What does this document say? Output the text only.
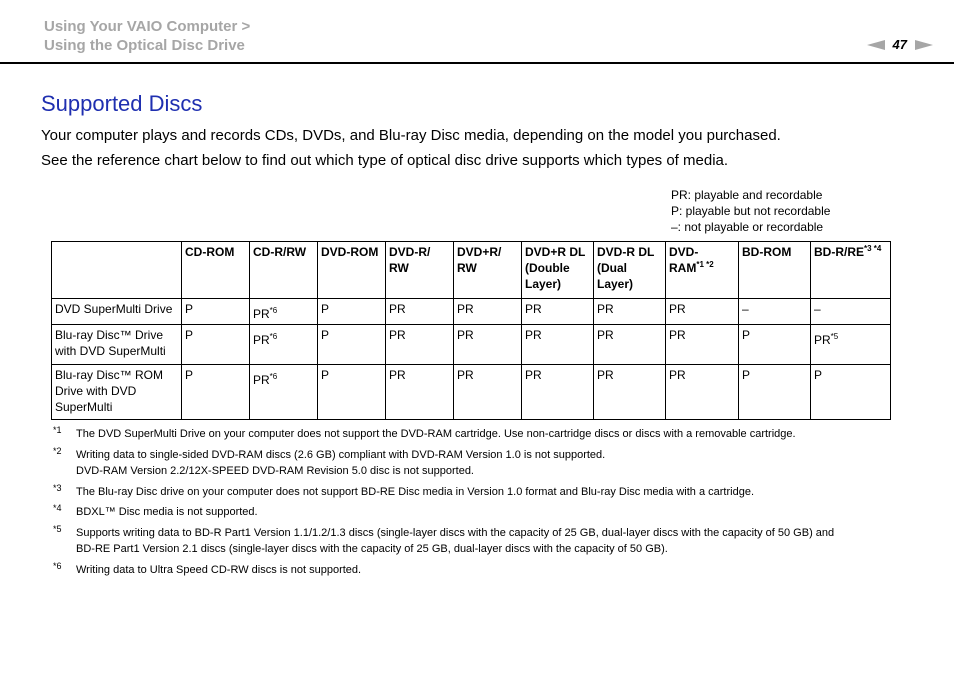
Using Your VAIO Computer >
Using the Optical Disc Drive	47
Supported Discs

Your computer plays and records CDs, DVDs, and Blu-ray Disc media, depending on the model you purchased.

See the reference chart below to find out which type of optical disc drive supports which types of media.

PR: playable and recordable
P: playable but not recordable
–: not playable or recordable
	CD-ROM	CD-R/RW	DVD-ROM	DVD-R/ RW	DVD+R/ RW	DVD+R DL (Double Layer)	DVD-R DL (Dual Layer)	DVD- $RAM^{*1 *2}$	BD-ROM	$BD-R/RE^{*3 *4}$
DVD SuperMulti Drive	P	PR$^{*6}$	P	PR	PR	PR	PR	PR	–	–
Blu-ray Disc™ Drive with DVD SuperMulti	P	PR$^{*6}$	P	PR	PR	PR	PR	PR	P	PR$^{*5}$
Blu-ray Disc™ ROM Drive with DVD SuperMulti	P	PR$^{*6}$	P	PR	PR	PR	PR	PR	P	P
*1	The DVD SuperMulti Drive on your computer does not support the DVD-RAM cartridge. Use non-cartridge discs or discs with a removable cartridge.
*2	Writing data to single-sided DVD-RAM discs (2.6 GB) compliant with DVD-RAM Version 1.0 is not supported.
DVD-RAM Version 2.2/12X-SPEED DVD-RAM Revision 5.0 disc is not supported.
*3	The Blu-ray Disc drive on your computer does not support BD-RE Disc media in Version 1.0 format and Blu-ray Disc media with a cartridge.
*4	BDXL™ Disc media is not supported.
*5	Supports writing data to BD-R Part1 Version 1.1/1.2/1.3 discs (single-layer discs with the capacity of 25 GB, dual-layer discs with the capacity of 50 GB) and
BD-RE Part1 Version 2.1 discs (single-layer discs with the capacity of 25 GB, dual-layer discs with the capacity of 50 GB).
*6	Writing data to Ultra Speed CD-RW discs is not supported.
